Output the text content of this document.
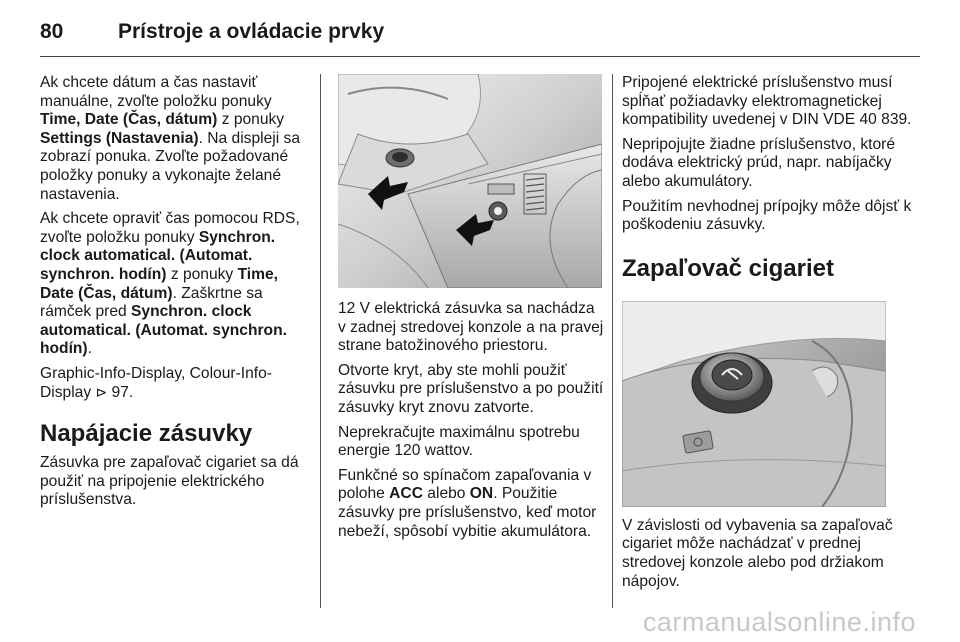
80	Prístroje a ovládacie prvky

Ak chcete dátum a čas nastaviť manuálne, zvoľte položku ponuky Time, Date (Čas, dátum) z ponuky Settings (Nastavenia). Na displeji sa zobrazí ponuka. Zvoľte požadované položky ponuky a vykonajte želané nastavenia.

Ak chcete opraviť čas pomocou RDS, zvoľte položku ponuky Synchron. clock automatical. (Automat. synchron. hodín) z ponuky Time, Date (Čas, dátum). Zaškrtne sa rámček pred Synchron. clock automatical. (Automat. synchron. hodín).

Graphic-Info-Display, Colour-Info-Display ⊳ 97.

Napájacie zásuvky

Zásuvka pre zapaľovač cigariet sa dá použiť na pripojenie elektrického príslušenstva.

12 V elektrická zásuvka sa nachádza v zadnej stredovej konzole a na pravej strane batožinového priestoru.

Otvorte kryt, aby ste mohli použiť zásuvku pre príslušenstvo a po použití zásuvky kryt znovu zatvorte.

Neprekračujte maximálnu spotrebu energie 120 wattov.

Funkčné so spínačom zapaľovania v polohe ACC alebo ON. Použitie zásuvky pre príslušenstvo, keď motor nebeží, spôsobí vybitie akumulátora.

Pripojené elektrické príslušenstvo musí spĺňať požiadavky elektromagnetickej kompatibility uvedenej v DIN VDE 40 839.

Nepripojujte žiadne príslušenstvo, ktoré dodáva elektrický prúd, napr. nabíjačky alebo akumulátory.

Použitím nevhodnej prípojky môže dôjsť k poškodeniu zásuvky.

Zapaľovač cigariet

V závislosti od vybavenia sa zapaľovač cigariet môže nachádzať v prednej stredovej konzole alebo pod držiakom nápojov.

carmanualsonline.info
